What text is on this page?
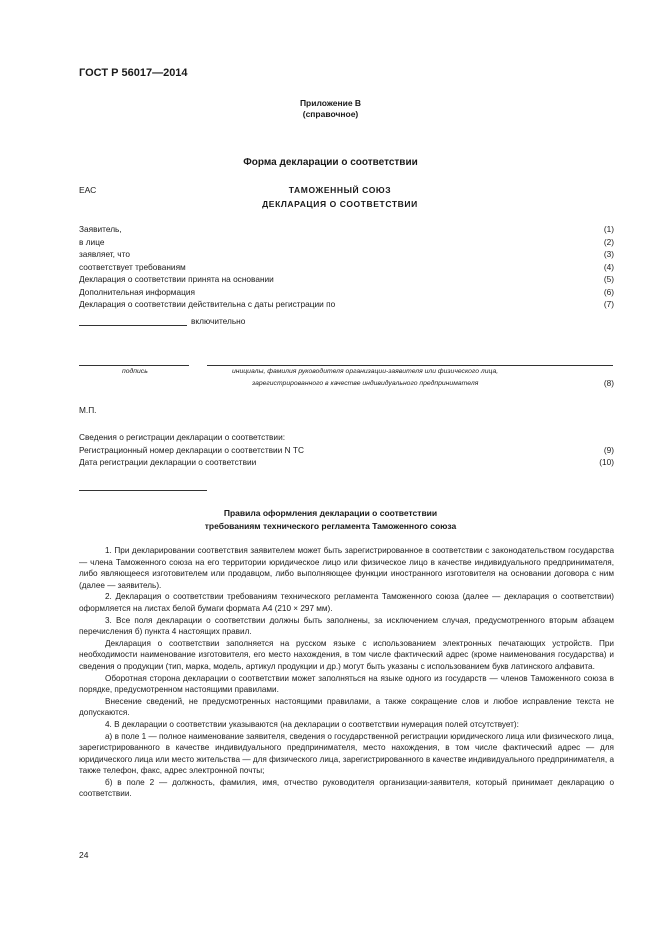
ГОСТ Р 56017—2014
Приложение В
(справочное)
Форма декларации о соответствии
ЕАС	ТАМОЖЕННЫЙ СОЮЗ
ДЕКЛАРАЦИЯ О СООТВЕТСТВИИ
Заявитель,	(1)
в лице	(2)
заявляет, что	(3)
соответствует требованиям	(4)
Декларация о соответствии принята на основании	(5)
Дополнительная информация	(6)
Декларация о соответствии действительна с даты регистрации по	(7)
включительно
подпись	инициалы, фамилия руководителя организации-заявителя или физического лица,
зарегистрированного в качестве индивидуального предпринимателя	(8)
М.П.
Сведения о регистрации декларации о соответствии:
Регистрационный номер декларации о соответствии N ТС	(9)
Дата регистрации декларации о соответствии	(10)
Правила оформления декларации о соответствии
требованиям технического регламента Таможенного союза

1. При декларировании соответствия заявителем может быть зарегистрированное в соответствии с законодательством государства — члена Таможенного союза на его территории юридическое лицо или физическое лицо в качестве индивидуального предпринимателя, либо являющееся изготовителем или продавцом, либо выполняющее функции иностранного изготовителя на основании договора с ним (далее — заявитель).

2. Декларация о соответствии требованиям технического регламента Таможенного союза (далее — декларация о соответствии) оформляется на листах белой бумаги формата А4 (210 × 297 мм).

3. Все поля декларации о соответствии должны быть заполнены, за исключением случая, предусмотренного вторым абзацем перечисления б) пункта 4 настоящих правил.

Декларация о соответствии заполняется на русском языке с использованием электронных печатающих устройств. При необходимости наименование изготовителя, его место нахождения, в том числе фактический адрес (кроме наименования государства) и сведения о продукции (тип, марка, модель, артикул продукции и др.) могут быть указаны с использованием букв латинского алфавита.

Оборотная сторона декларации о соответствии может заполняться на языке одного из государств — членов Таможенного союза в порядке, предусмотренном настоящими правилами.

Внесение сведений, не предусмотренных настоящими правилами, а также сокращение слов и любое исправление текста не допускаются.

4. В декларации о соответствии указываются (на декларации о соответствии нумерация полей отсутствует):

а) в поле 1 — полное наименование заявителя, сведения о государственной регистрации юридического лица или физического лица, зарегистрированного в качестве индивидуального предпринимателя, место нахождения, в том числе фактический адрес — для юридического лица или место жительства — для физического лица, зарегистрированного в качестве индивидуального предпринимателя, а также телефон, факс, адрес электронной почты;

б) в поле 2 — должность, фамилия, имя, отчество руководителя организации-заявителя, который принимает декларацию о соответствии.

24
